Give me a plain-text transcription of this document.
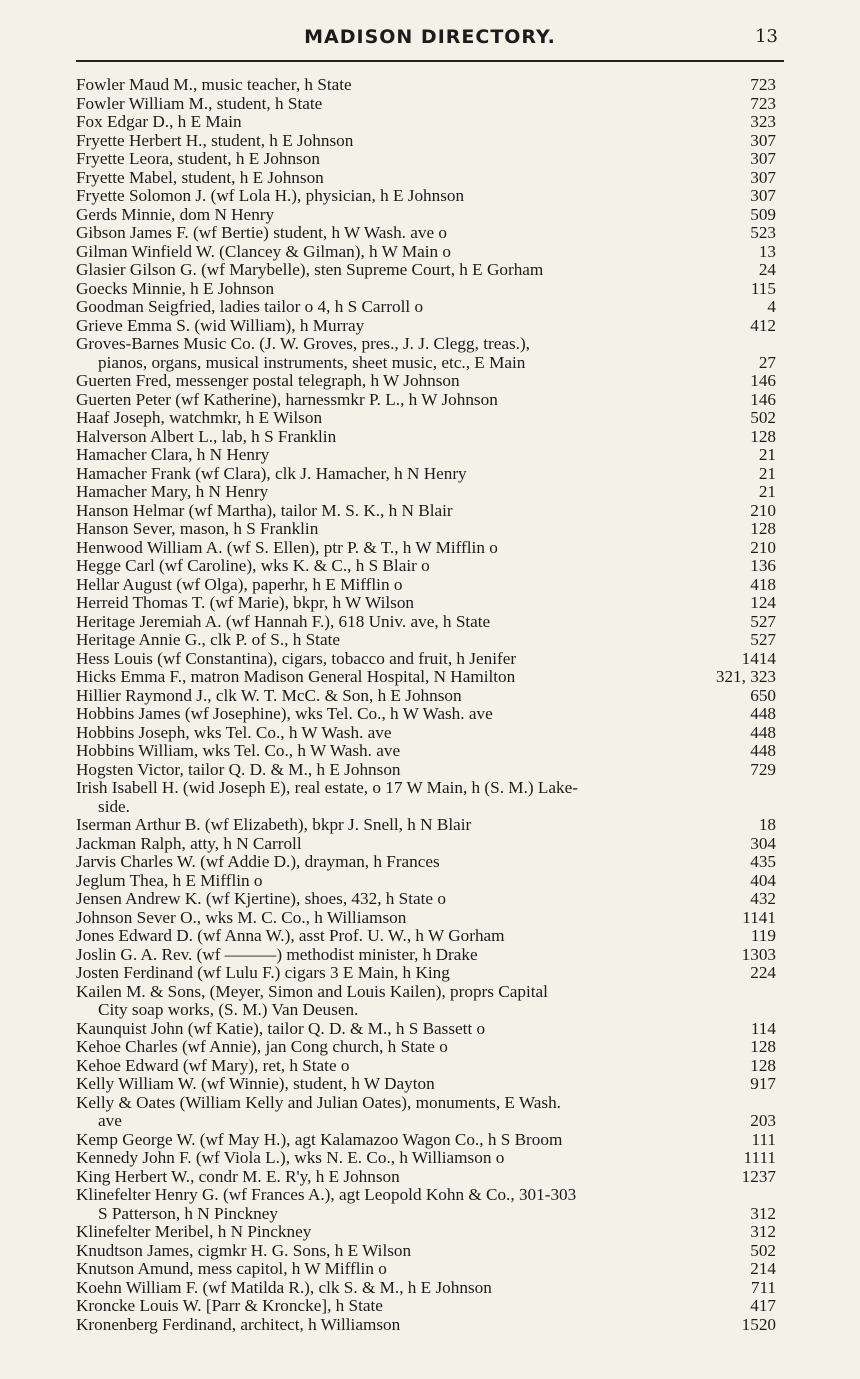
MADISON DIRECTORY.	13
Fowler Maud M., music teacher, h State	723
Fowler William M., student, h State	723
Fox Edgar D., h E Main	323
Fryette Herbert H., student, h E Johnson	307
Fryette Leora, student, h E Johnson	307
Fryette Mabel, student, h E Johnson	307
Fryette Solomon J. (wf Lola H.), physician, h E Johnson	307
Gerds Minnie, dom N Henry	509
Gibson James F. (wf Bertie) student, h W Wash. ave o	523
Gilman Winfield W. (Clancey & Gilman), h W Main o	13
Glasier Gilson G. (wf Marybelle), sten Supreme Court, h E Gorham	24
Goecks Minnie, h E Johnson	115
Goodman Seigfried, ladies tailor o 4, h S Carroll o	4
Grieve Emma S. (wid William), h Murray	412
Groves-Barnes Music Co. (J. W. Groves, pres., J. J. Clegg, treas.),
pianos, organs, musical instruments, sheet music, etc., E Main	27
Guerten Fred, messenger postal telegraph, h W Johnson	146
Guerten Peter (wf Katherine), harnessmkr P. L., h W Johnson	146
Haaf Joseph, watchmkr, h E Wilson	502
Halverson Albert L., lab, h S Franklin	128
Hamacher Clara, h N Henry	21
Hamacher Frank (wf Clara), clk J. Hamacher, h N Henry	21
Hamacher Mary, h N Henry	21
Hanson Helmar (wf Martha), tailor M. S. K., h N Blair	210
Hanson Sever, mason, h S Franklin	128
Henwood William A. (wf S. Ellen), ptr P. & T., h W Mifflin o	210
Hegge Carl (wf Caroline), wks K. & C., h S Blair o	136
Hellar August (wf Olga), paperhr, h E Mifflin o	418
Herreid Thomas T. (wf Marie), bkpr, h W Wilson	124
Heritage Jeremiah A. (wf Hannah F.), 618 Univ. ave, h State	527
Heritage Annie G., clk P. of S., h State	527
Hess Louis (wf Constantina), cigars, tobacco and fruit, h Jenifer	1414
Hicks Emma F., matron Madison General Hospital, N Hamilton	321, 323
Hillier Raymond J., clk W. T. McC. & Son, h E Johnson	650
Hobbins James (wf Josephine), wks Tel. Co., h W Wash. ave	448
Hobbins Joseph, wks Tel. Co., h W Wash. ave	448
Hobbins William, wks Tel. Co., h W Wash. ave	448
Hogsten Victor, tailor Q. D. & M., h E Johnson	729
Irish Isabell H. (wid Joseph E), real estate, o 17 W Main, h (S. M.) Lake-
side.
Iserman Arthur B. (wf Elizabeth), bkpr J. Snell, h N Blair	18
Jackman Ralph, atty, h N Carroll	304
Jarvis Charles W. (wf Addie D.), drayman, h Frances	435
Jeglum Thea, h E Mifflin o	404
Jensen Andrew K. (wf Kjertine), shoes, 432, h State o	432
Johnson Sever O., wks M. C. Co., h Williamson	1141
Jones Edward D. (wf Anna W.), asst Prof. U. W., h W Gorham	119
Joslin G. A. Rev. (wf ———) methodist minister, h Drake	1303
Josten Ferdinand (wf Lulu F.) cigars 3 E Main, h King	224
Kailen M. & Sons, (Meyer, Simon and Louis Kailen), proprs Capital
City soap works, (S. M.) Van Deusen.
Kaunquist John (wf Katie), tailor Q. D. & M., h S Bassett o	114
Kehoe Charles (wf Annie), jan Cong church, h State o	128
Kehoe Edward (wf Mary), ret, h State o	128
Kelly William W. (wf Winnie), student, h W Dayton	917
Kelly & Oates (William Kelly and Julian Oates), monuments, E Wash.
ave	203
Kemp George W. (wf May H.), agt Kalamazoo Wagon Co., h S Broom	111
Kennedy John F. (wf Viola L.), wks N. E. Co., h Williamson o	1111
King Herbert W., condr M. E. R'y, h E Johnson	1237
Klinefelter Henry G. (wf Frances A.), agt Leopold Kohn & Co., 301-303
S Patterson, h N Pinckney	312
Klinefelter Meribel, h N Pinckney	312
Knudtson James, cigmkr H. G. Sons, h E Wilson	502
Knutson Amund, mess capitol, h W Mifflin o	214
Koehn William F. (wf Matilda R.), clk S. & M., h E Johnson	711
Kroncke Louis W. [Parr & Kroncke], h State	417
Kronenberg Ferdinand, architect, h Williamson	1520
